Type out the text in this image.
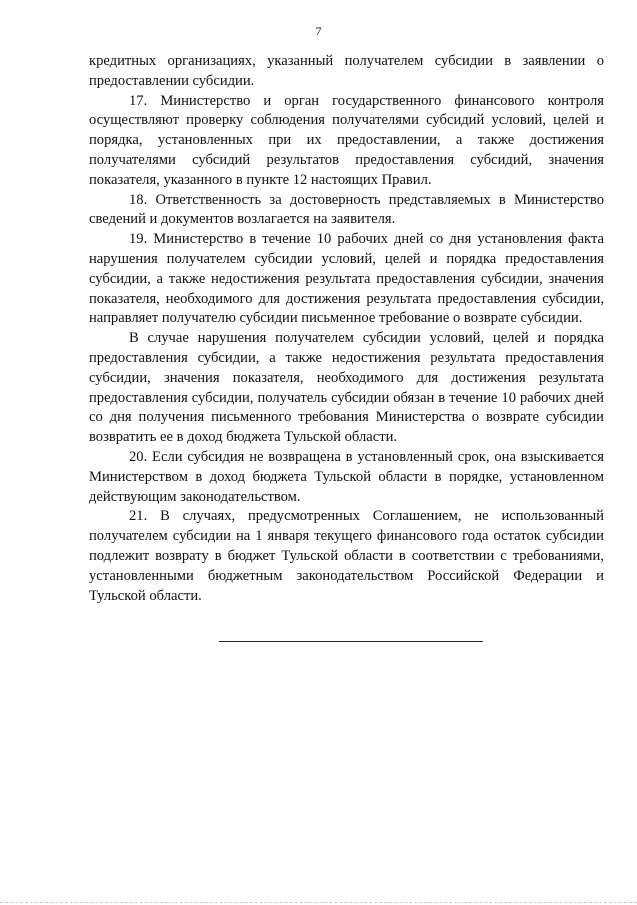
7

кредитных организациях, указанный получателем субсидии в заявлении о предоставлении субсидии.

17. Министерство и орган государственного финансового контроля осуществляют проверку соблюдения получателями субсидий условий, целей и порядка, установленных при их предоставлении, а также достижения получателями субсидий результатов предоставления субсидий, значения показателя, указанного в пункте 12 настоящих Правил.

18. Ответственность за достоверность представляемых в Министерство сведений и документов возлагается на заявителя.

19. Министерство в течение 10 рабочих дней со дня установления факта нарушения получателем субсидии условий, целей и порядка предоставления субсидии, а также недостижения результата предоставления субсидии, значения показателя, необходимого для достижения результата предоставления субсидии, направляет получателю субсидии письменное требование о возврате субсидии.

В случае нарушения получателем субсидии условий, целей и порядка предоставления субсидии, а также недостижения результата предоставления субсидии, значения показателя, необходимого для достижения результата предоставления субсидии, получатель субсидии обязан в течение 10 рабочих дней со дня получения письменного требования Министерства о возврате субсидии возвратить ее в доход бюджета Тульской области.

20. Если субсидия не возвращена в установленный срок, она взыскивается Министерством в доход бюджета Тульской области в порядке, установленном действующим законодательством.

21. В случаях, предусмотренных Соглашением, не использованный получателем субсидии на 1 января текущего финансового года остаток субсидии подлежит возврату в бюджет Тульской области в соответствии с требованиями, установленными бюджетным законодательством Российской Федерации и Тульской области.
